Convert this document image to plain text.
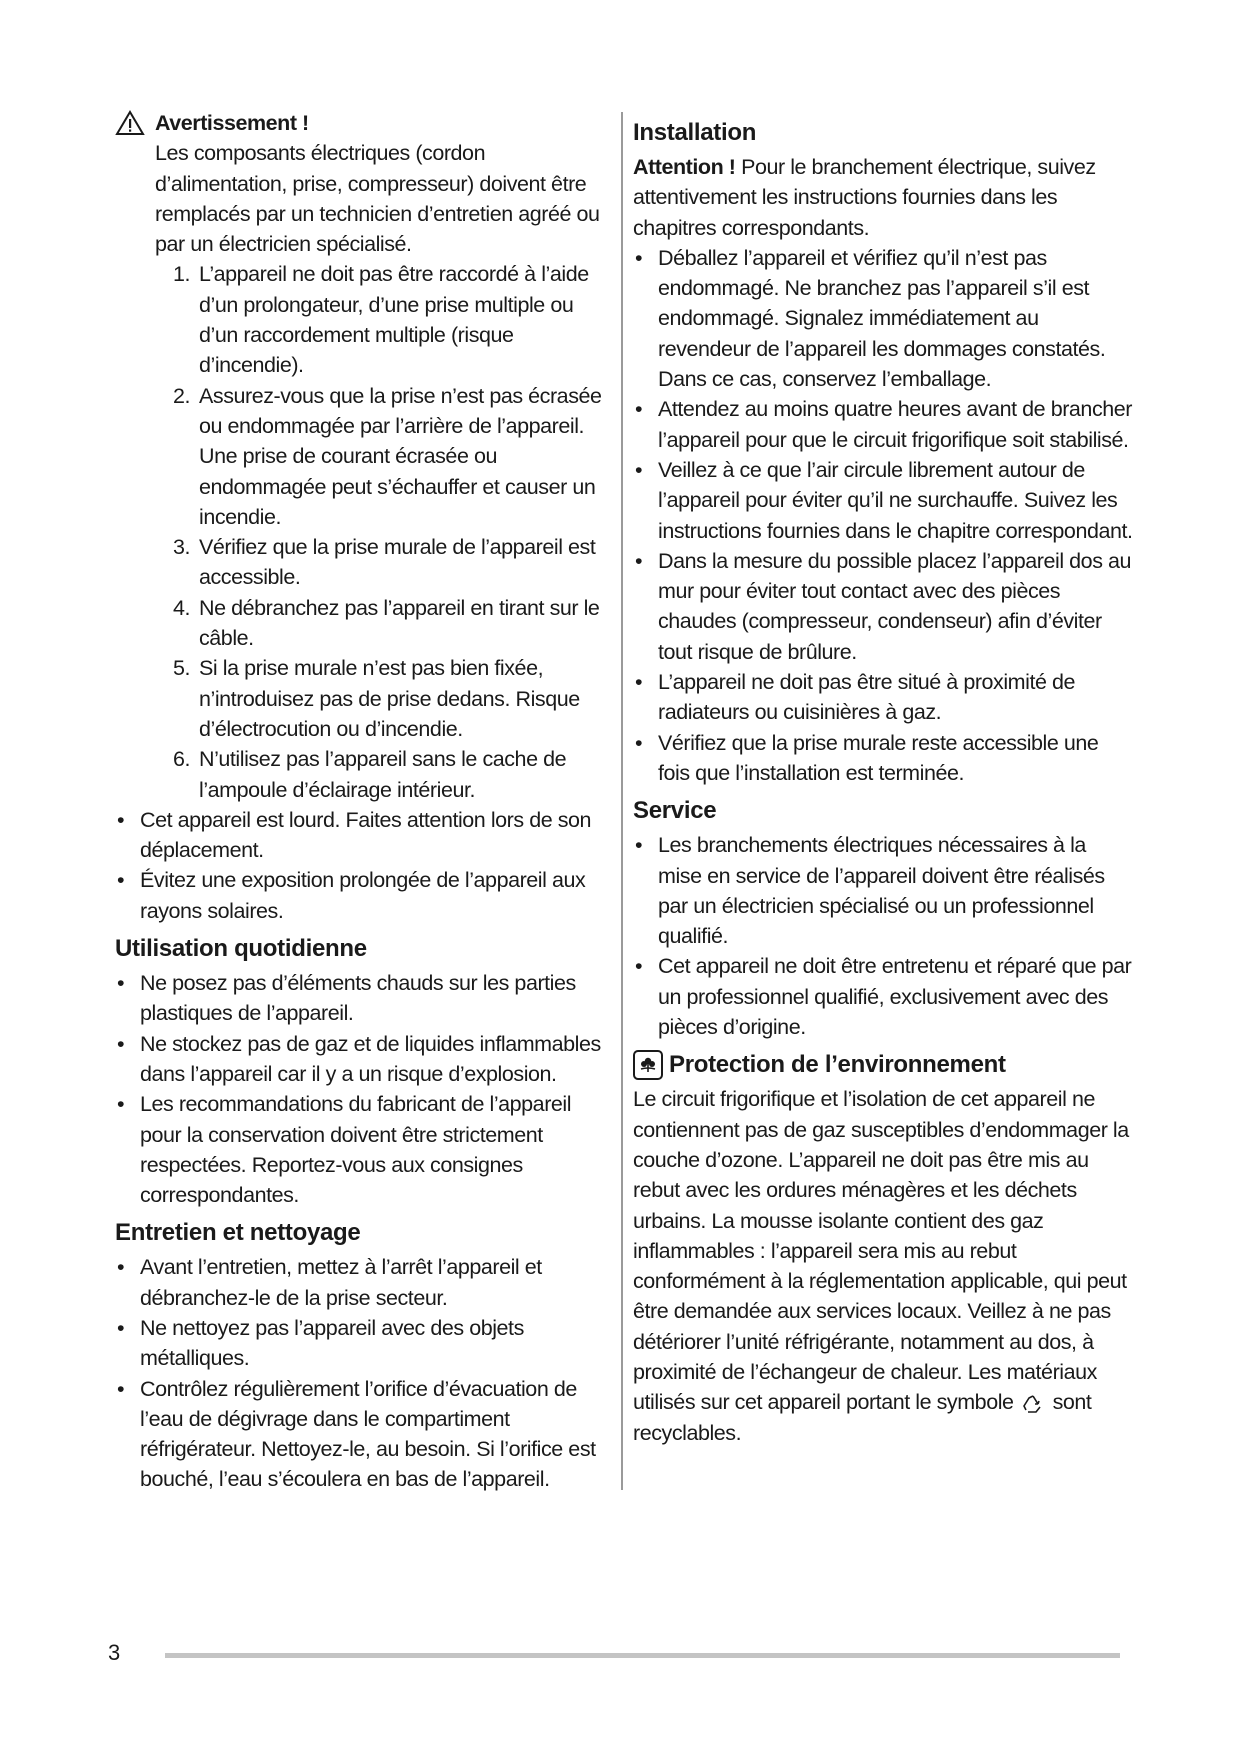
Avertissement !
Les composants électriques (cordon d’alimentation, prise, compresseur) doivent être remplacés par un technicien d’entretien agréé ou par un électricien spécialisé.
1. L’appareil ne doit pas être raccordé à l’aide d’un prolongateur, d’une prise multiple ou d’un raccordement multiple (risque d’incendie).
2. Assurez-vous que la prise n’est pas écrasée ou endommagée par l’arrière de l’appareil. Une prise de courant écrasée ou endommagée peut s’échauffer et causer un incendie.
3. Vérifiez que la prise murale de l’appareil est accessible.
4. Ne débranchez pas l’appareil en tirant sur le câble.
5. Si la prise murale n’est pas bien fixée, n’introduisez pas de prise dedans. Risque d’électrocution ou d’incendie.
6. N’utilisez pas l’appareil sans le cache de l’ampoule d’éclairage intérieur.
• Cet appareil est lourd. Faites attention lors de son déplacement.
• Évitez une exposition prolongée de l’appareil aux rayons solaires.
Utilisation quotidienne
• Ne posez pas d’éléments chauds sur les parties plastiques de l’appareil.
• Ne stockez pas de gaz et de liquides inflammables dans l’appareil car il y a un risque d’explosion.
• Les recommandations du fabricant de l’appareil pour la conservation doivent être strictement respectées. Reportez-vous aux consignes correspondantes.
Entretien et nettoyage
• Avant l’entretien, mettez à l’arrêt l’appareil et débranchez-le de la prise secteur.
• Ne nettoyez pas l’appareil avec des objets métalliques.
• Contrôlez régulièrement l’orifice d’évacuation de l’eau de dégivrage dans le compartiment réfrigérateur. Nettoyez-le, au besoin. Si l’orifice est bouché, l’eau s’écoulera en bas de l’appareil.
Installation
Attention ! Pour le branchement électrique, suivez attentivement les instructions fournies dans les chapitres correspondants.
• Déballez l’appareil et vérifiez qu’il n’est pas endommagé. Ne branchez pas l’appareil s’il est endommagé. Signalez immédiatement au revendeur de l’appareil les dommages constatés. Dans ce cas, conservez l’emballage.
• Attendez au moins quatre heures avant de brancher l’appareil pour que le circuit frigorifique soit stabilisé.
• Veillez à ce que l’air circule librement autour de l’appareil pour éviter qu’il ne surchauffe. Suivez les instructions fournies dans le chapitre correspondant.
• Dans la mesure du possible placez l’appareil dos au mur pour éviter tout contact avec des pièces chaudes (compresseur, condenseur) afin d’éviter tout risque de brûlure.
• L’appareil ne doit pas être situé à proximité de radiateurs ou cuisinières à gaz.
• Vérifiez que la prise murale reste accessible une fois que l’installation est terminée.
Service
• Les branchements électriques nécessaires à la mise en service de l’appareil doivent être réalisés par un électricien spécialisé ou un professionnel qualifié.
• Cet appareil ne doit être entretenu et réparé que par un professionnel qualifié, exclusivement avec des pièces d’origine.
Protection de l’environnement
Le circuit frigorifique et l’isolation de cet appareil ne contiennent pas de gaz susceptibles d’endommager la couche d’ozone. L’appareil ne doit pas être mis au rebut avec les ordures ménagères et les déchets urbains. La mousse isolante contient des gaz inflammables : l’appareil sera mis au rebut conformément à la réglementation applicable, qui peut être demandée aux services locaux. Veillez à ne pas détériorer l’unité réfrigérante, notamment au dos, à proximité de l’échangeur de chaleur. Les matériaux utilisés sur cet appareil portant le symbole sont recyclables.
3
